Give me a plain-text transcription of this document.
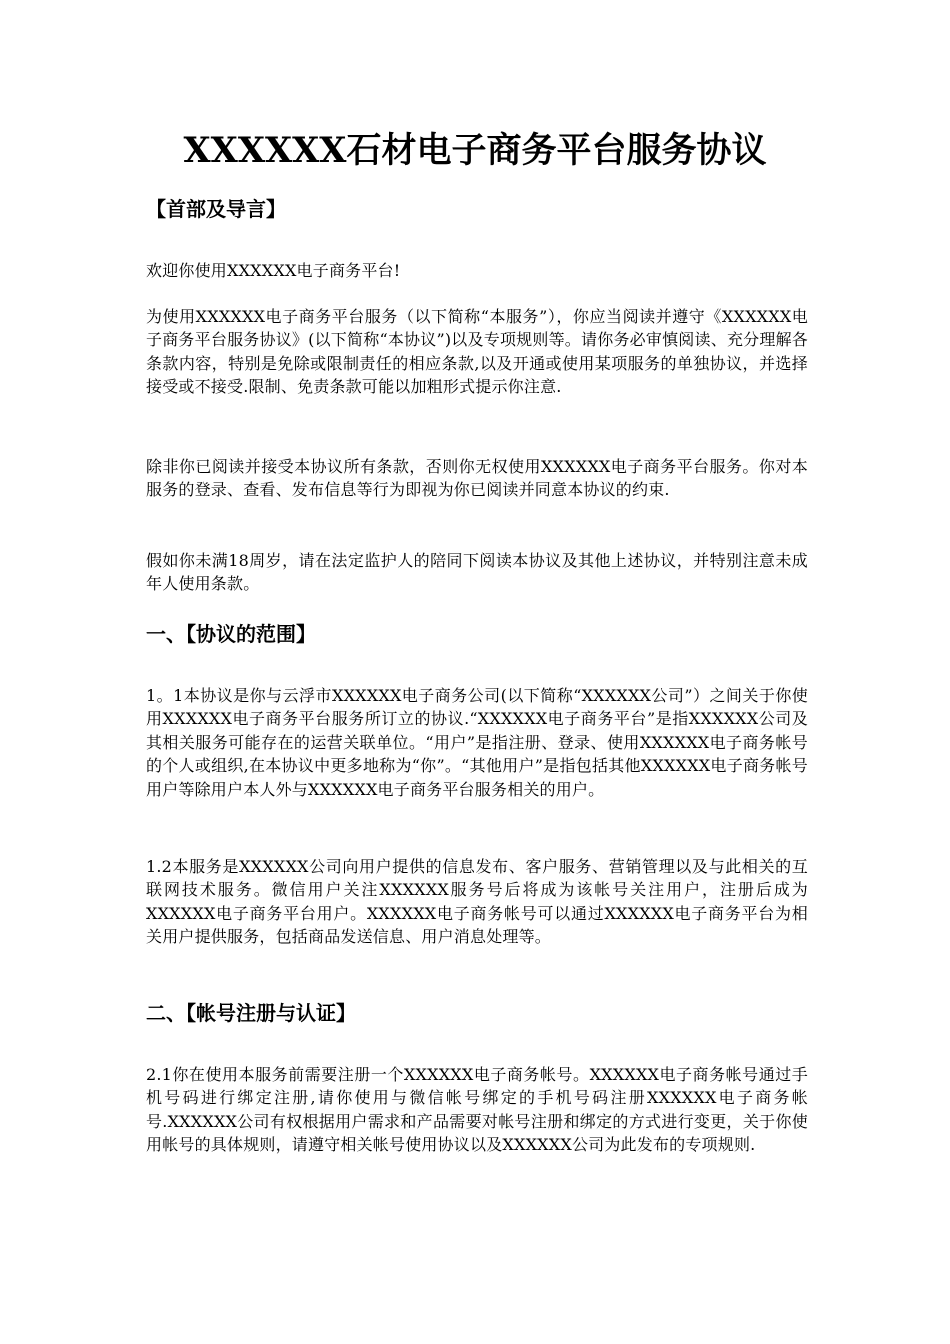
XXXXXX石材电子商务平台服务协议
【首部及导言】

欢迎你使用XXXXXX电子商务平台!

为使用XXXXXX电子商务平台服务（以下简称“本服务”），你应当阅读并遵守《XXXXXX电子商务平台服务协议》(以下简称“本协议”)以及专项规则等。请你务必审慎阅读、充分理解各条款内容，特别是免除或限制责任的相应条款,以及开通或使用某项服务的单独协议，并选择接受或不接受.限制、免责条款可能以加粗形式提示你注意.

除非你已阅读并接受本协议所有条款，否则你无权使用XXXXXX电子商务平台服务。你对本服务的登录、查看、发布信息等行为即视为你已阅读并同意本协议的约束.

假如你未满18周岁，请在法定监护人的陪同下阅读本协议及其他上述协议，并特别注意未成年人使用条款。

一、【协议的范围】

1。1本协议是你与云浮市XXXXXX电子商务公司(以下简称“XXXXXX公司”）之间关于你使用XXXXXX电子商务平台服务所订立的协议.“XXXXXX电子商务平台”是指XXXXXX公司及其相关服务可能存在的运营关联单位。“用户”是指注册、登录、使用XXXXXX电子商务帐号的个人或组织,在本协议中更多地称为“你”。“其他用户”是指包括其他XXXXXX电子商务帐号用户等除用户本人外与XXXXXX电子商务平台服务相关的用户。

1.2本服务是XXXXXX公司向用户提供的信息发布、客户服务、营销管理以及与此相关的互联网技术服务。微信用户关注XXXXXX服务号后将成为该帐号关注用户，注册后成为XXXXXX电子商务平台用户。XXXXXX电子商务帐号可以通过XXXXXX电子商务平台为相关用户提供服务，包括商品发送信息、用户消息处理等。

二、【帐号注册与认证】

2.1你在使用本服务前需要注册一个XXXXXX电子商务帐号。XXXXXX电子商务帐号通过手机号码进行绑定注册,请你使用与微信帐号绑定的手机号码注册XXXXXX电子商务帐号.XXXXXX公司有权根据用户需求和产品需要对帐号注册和绑定的方式进行变更，关于你使用帐号的具体规则，请遵守相关帐号使用协议以及XXXXXX公司为此发布的专项规则.
